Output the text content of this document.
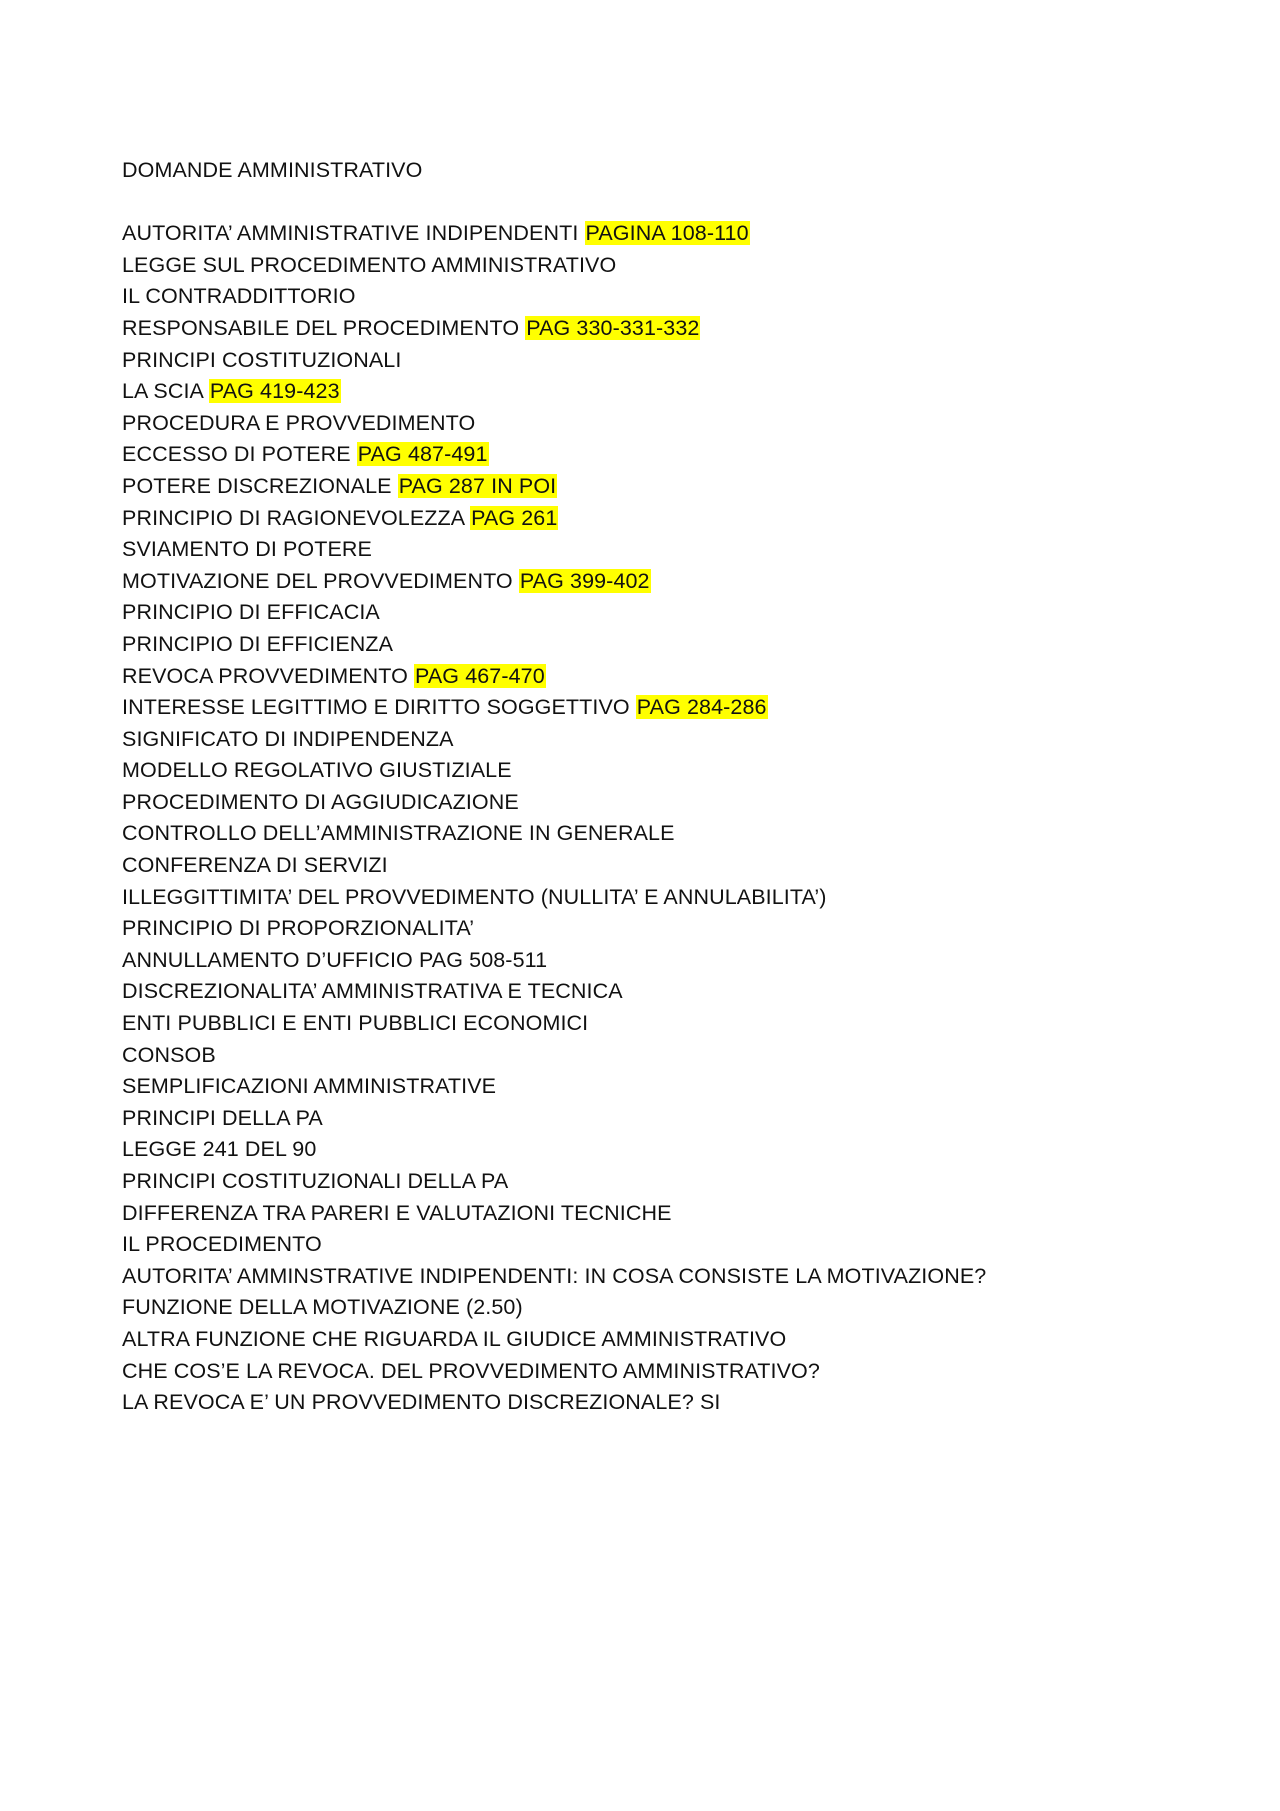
DOMANDE AMMINISTRATIVO
AUTORITA’ AMMINISTRATIVE INDIPENDENTI PAGINA 108-110
LEGGE SUL PROCEDIMENTO AMMINISTRATIVO
IL CONTRADDITTORIO
RESPONSABILE DEL PROCEDIMENTO PAG 330-331-332
PRINCIPI COSTITUZIONALI
LA SCIA PAG 419-423
PROCEDURA E PROVVEDIMENTO
ECCESSO DI POTERE PAG 487-491
POTERE DISCREZIONALE PAG 287 IN POI
PRINCIPIO DI RAGIONEVOLEZZA PAG 261
SVIAMENTO DI POTERE
MOTIVAZIONE DEL PROVVEDIMENTO PAG 399-402
PRINCIPIO DI EFFICACIA
PRINCIPIO DI EFFICIENZA
REVOCA PROVVEDIMENTO PAG 467-470
INTERESSE LEGITTIMO E DIRITTO SOGGETTIVO PAG 284-286
SIGNIFICATO DI INDIPENDENZA
MODELLO REGOLATIVO GIUSTIZIALE
PROCEDIMENTO DI AGGIUDICAZIONE
CONTROLLO DELL’AMMINISTRAZIONE IN GENERALE
CONFERENZA DI SERVIZI
ILLEGGITTIMITA’ DEL PROVVEDIMENTO (NULLITA’ E ANNULABILITA’)
PRINCIPIO DI PROPORZIONALITA’
ANNULLAMENTO D’UFFICIO PAG 508-511
DISCREZIONALITA’ AMMINISTRATIVA E TECNICA
ENTI PUBBLICI E ENTI PUBBLICI ECONOMICI
CONSOB
SEMPLIFICAZIONI AMMINISTRATIVE
PRINCIPI DELLA PA
LEGGE 241 DEL 90
PRINCIPI COSTITUZIONALI DELLA PA
DIFFERENZA TRA PARERI E VALUTAZIONI TECNICHE
IL PROCEDIMENTO
AUTORITA’ AMMINSTRATIVE INDIPENDENTI: IN COSA CONSISTE LA MOTIVAZIONE?
FUNZIONE DELLA MOTIVAZIONE (2.50)
ALTRA FUNZIONE CHE RIGUARDA IL GIUDICE AMMINISTRATIVO
CHE COS’E LA REVOCA. DEL PROVVEDIMENTO AMMINISTRATIVO?
LA REVOCA E’ UN PROVVEDIMENTO DISCREZIONALE? SI
